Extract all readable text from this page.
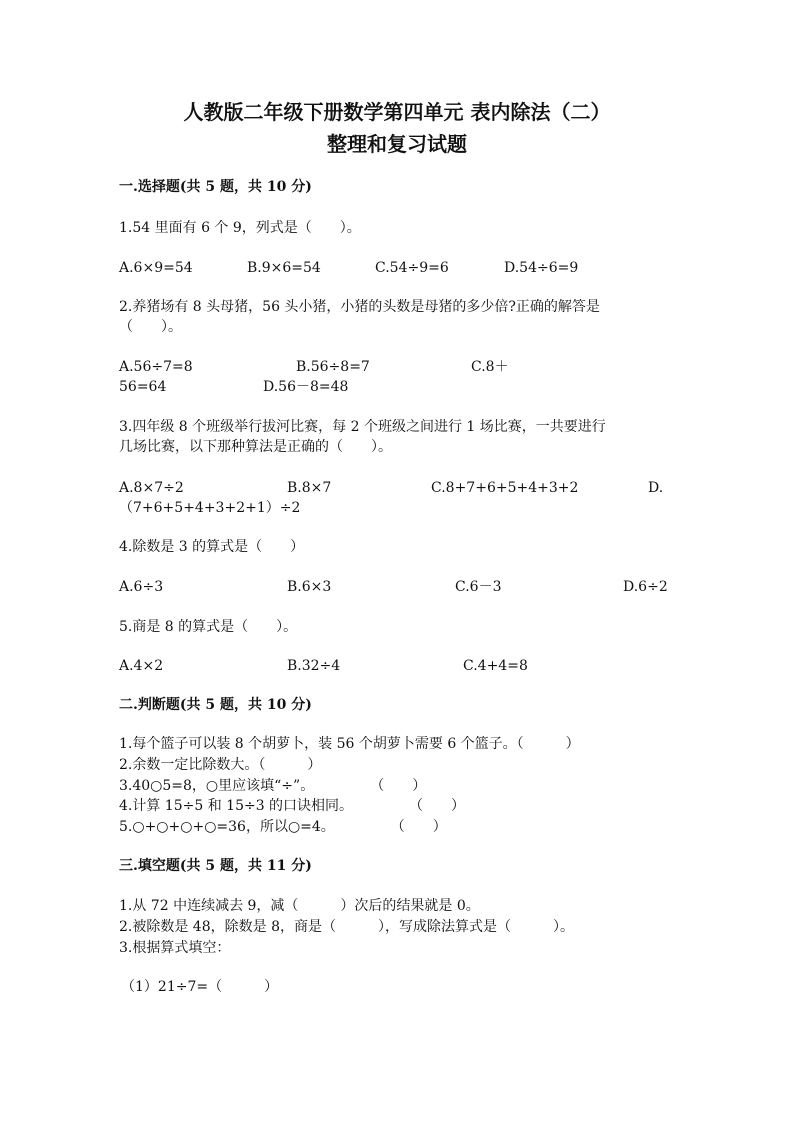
人教版二年级下册数学第四单元 表内除法（二）
整理和复习试题
一.选择题(共 5 题，共 10 分)
1.54 里面有 6 个 9，列式是（　　）。
A.6×9=54	B.9×6=54	C.54÷9=6	D.54÷6=9
2.养猪场有 8 头母猪，56 头小猪，小猪的头数是母猪的多少倍?正确的解答是
（　　）。
A.56÷7=8	B.56÷8=7	C.8＋
56=64	D.56－8=48
3.四年级 8 个班级举行拔河比赛，每 2 个班级之间进行 1 场比赛，一共要进行
几场比赛，以下那种算法是正确的（　　）。
A.8×7÷2	B.8×7	C.8+7+6+5+4+3+2	D.
（7+6+5+4+3+2+1）÷2
4.除数是 3 的算式是（　　）
A.6÷3	B.6×3	C.6－3	D.6÷2
5.商是 8 的算式是（　　）。
A.4×2	B.32÷4	C.4+4=8
二.判断题(共 5 题，共 10 分)
1.每个篮子可以装 8 个胡萝卜，装 56 个胡萝卜需要 6 个篮子。（　　　）
2.余数一定比除数大。（　　　）
3.40○5=8，○里应该填“÷”。　　　　　（　　）
4.计算 15÷5 和 15÷3 的口诀相同。　　　　　（　　）
5.○+○+○+○=36，所以○=4。　　　　　（　　）
三.填空题(共 5 题，共 11 分)
1.从 72 中连续减去 9，减（　　　）次后的结果就是 0。
2.被除数是 48，除数是 8，商是（　　　），写成除法算式是（　　　）。
3.根据算式填空：
（1）21÷7=（　　　）
